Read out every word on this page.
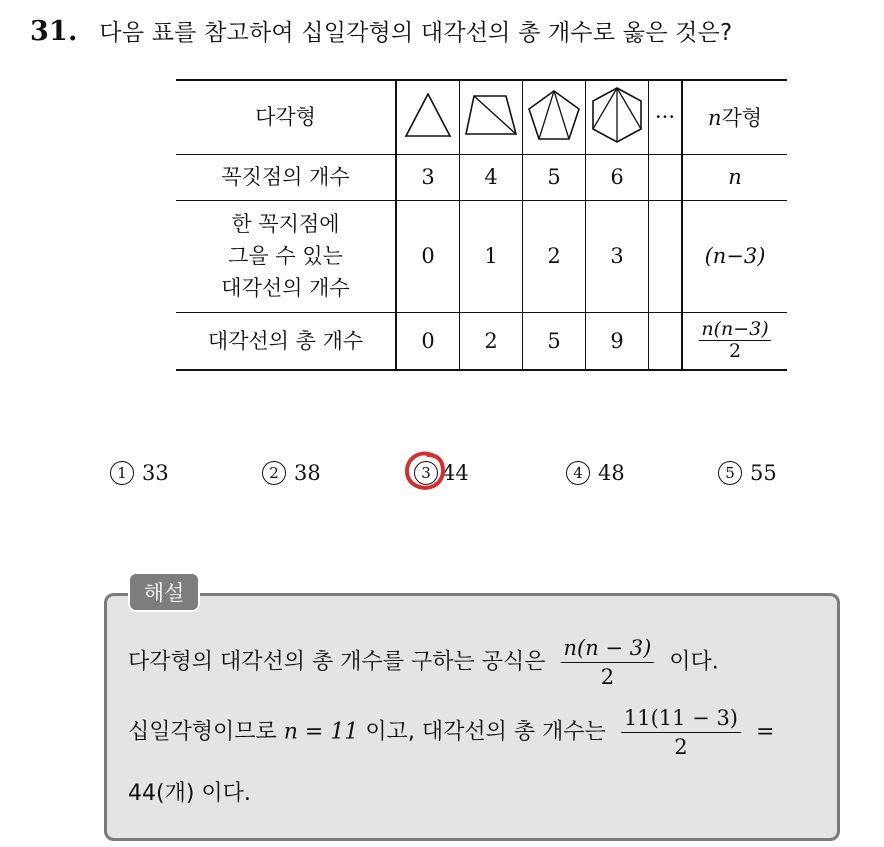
31. 다음 표를 참고하여 십일각형의 대각선의 총 개수로 옳은 것은?
다각형					···	n각형
꼭짓점의 개수	3	4	5	6		n

한 꼭지점에
그을 수 있는
대각선의 개수	0	1	2	3		(n−3)
대각선의 총 개수	0	2	5	9		$\frac{n(n-3)}{2}$
1 33	2 38	3 44	4 48	5 55
해설
다각형의 대각선의 총 개수를 구하는 공식은 $\frac{n(n - 3)}{2}$ 이다.
십일각형이므로 n = 11 이고, 대각선의 총 개수는 $\frac{11(11 - 3)}{2}$ =
44(개) 이다.
